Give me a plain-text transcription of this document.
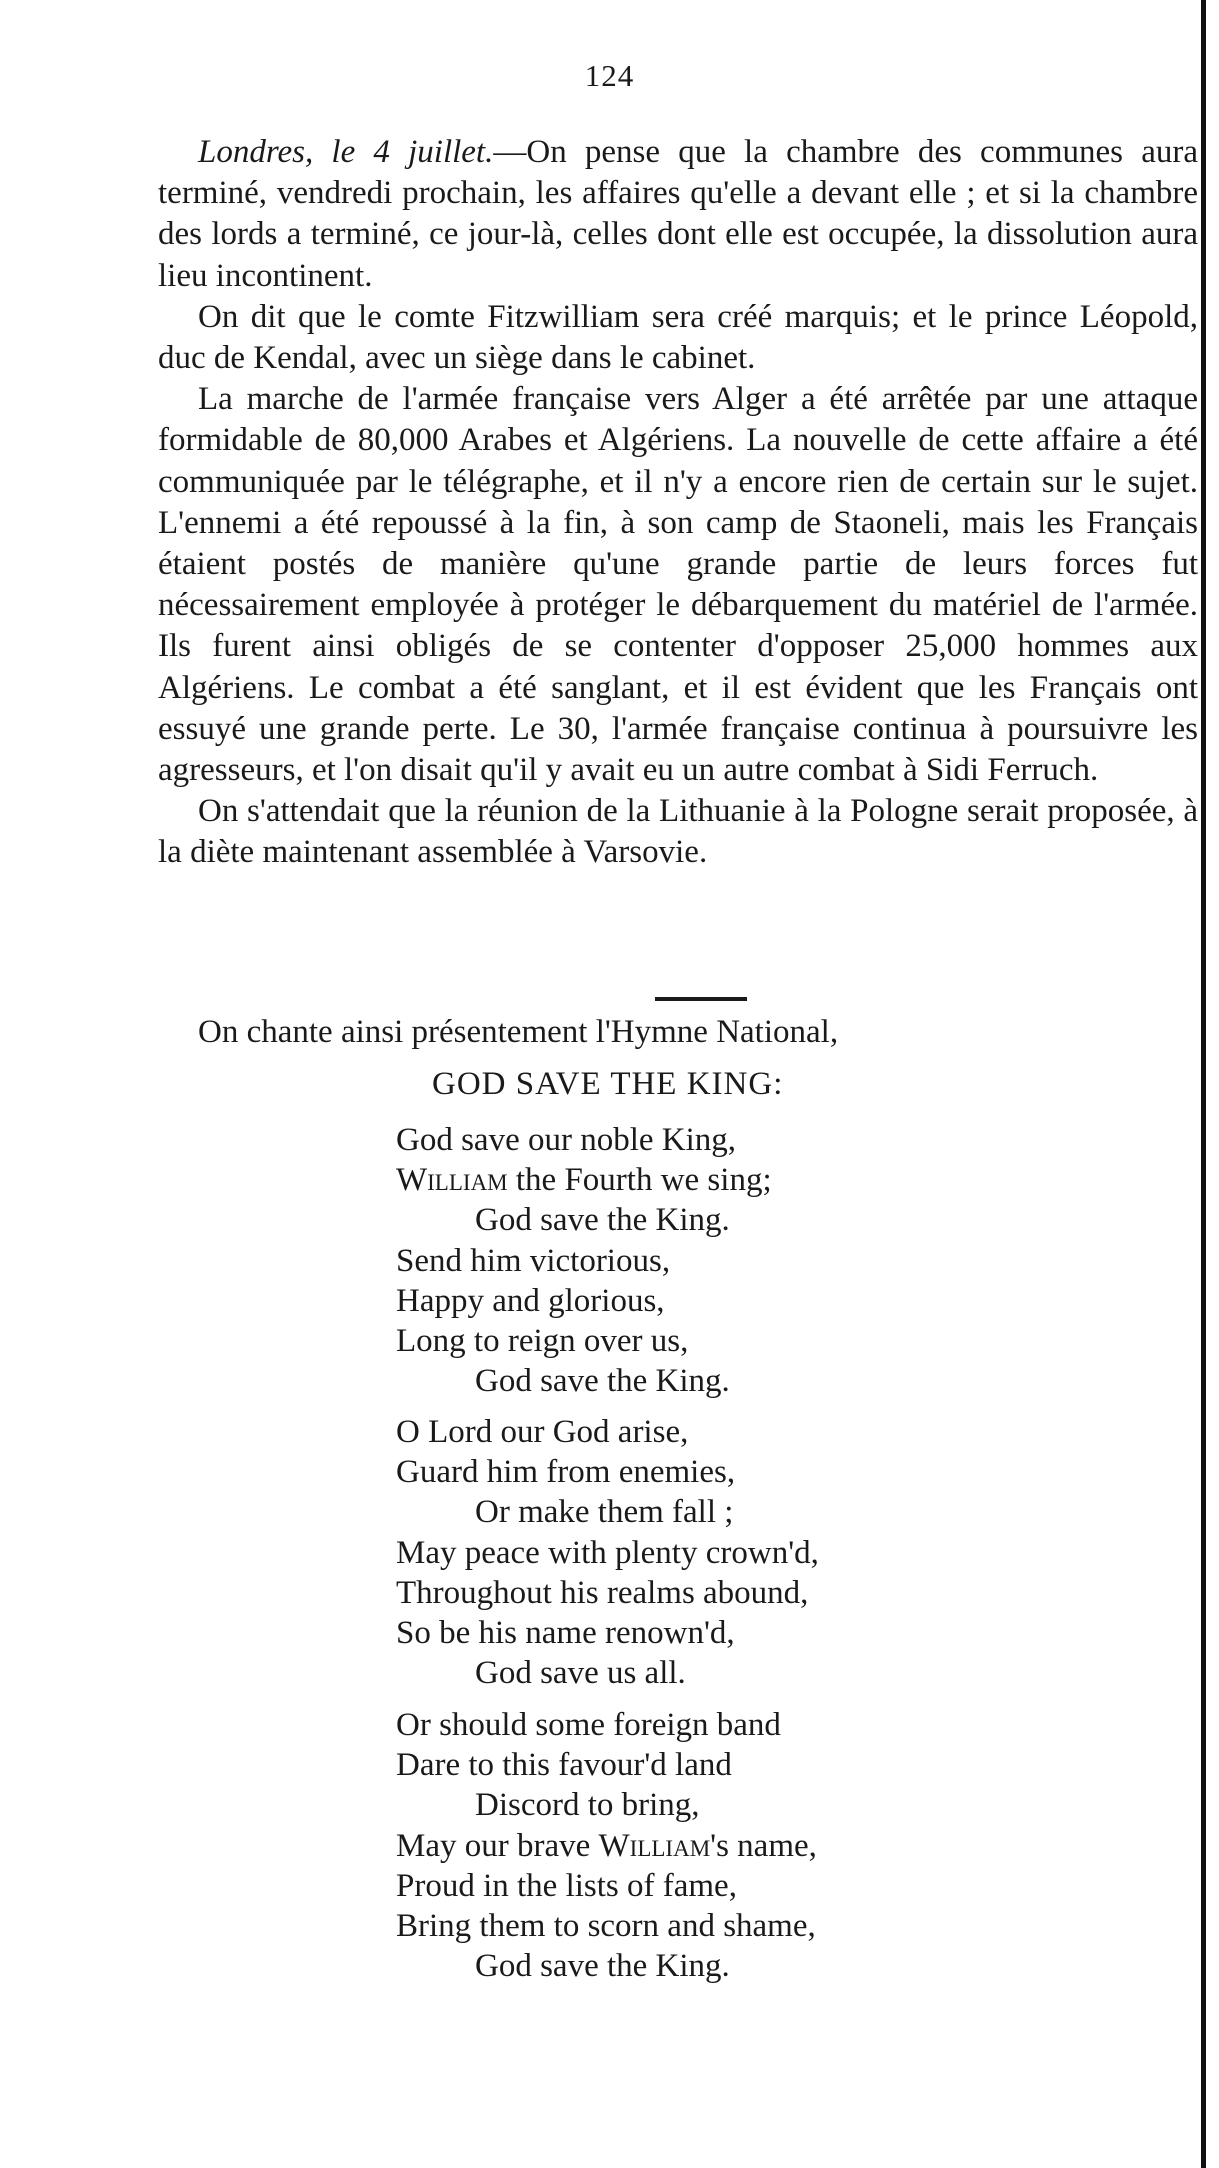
124

Londres, le 4 juillet.—On pense que la chambre des communes aura terminé, vendredi prochain, les affaires qu'elle a devant elle ; et si la chambre des lords a terminé, ce jour-là, celles dont elle est occupée, la dissolution aura lieu incontinent.

On dit que le comte Fitzwilliam sera créé marquis; et le prince Léopold, duc de Kendal, avec un siège dans le cabinet.

La marche de l'armée française vers Alger a été arrêtée par une attaque formidable de 80,000 Arabes et Algériens. La nouvelle de cette affaire a été communiquée par le télégraphe, et il n'y a encore rien de certain sur le sujet. L'ennemi a été repoussé à la fin, à son camp de Staoneli, mais les Français étaient postés de manière qu'une grande partie de leurs forces fut nécessairement employée à protéger le débarquement du matériel de l'armée. Ils furent ainsi obligés de se contenter d'opposer 25,000 hommes aux Algériens. Le combat a été sanglant, et il est évident que les Français ont essuyé une grande perte. Le 30, l'armée française continua à poursuivre les agresseurs, et l'on disait qu'il y avait eu un autre combat à Sidi Ferruch.

On s'attendait que la réunion de la Lithuanie à la Pologne serait proposée, à la diète maintenant assemblée à Varsovie.

On chante ainsi présentement l'Hymne National,

GOD SAVE THE KING:
God save our noble King,
William the Fourth we sing;
God save the King.
Send him victorious,
Happy and glorious,
Long to reign over us,
God save the King.
O Lord our God arise,
Guard him from enemies,
Or make them fall ;
May peace with plenty crown'd,
Throughout his realms abound,
So be his name renown'd,
God save us all.
Or should some foreign band
Dare to this favour'd land
Discord to bring,
May our brave William's name,
Proud in the lists of fame,
Bring them to scorn and shame,
God save the King.
